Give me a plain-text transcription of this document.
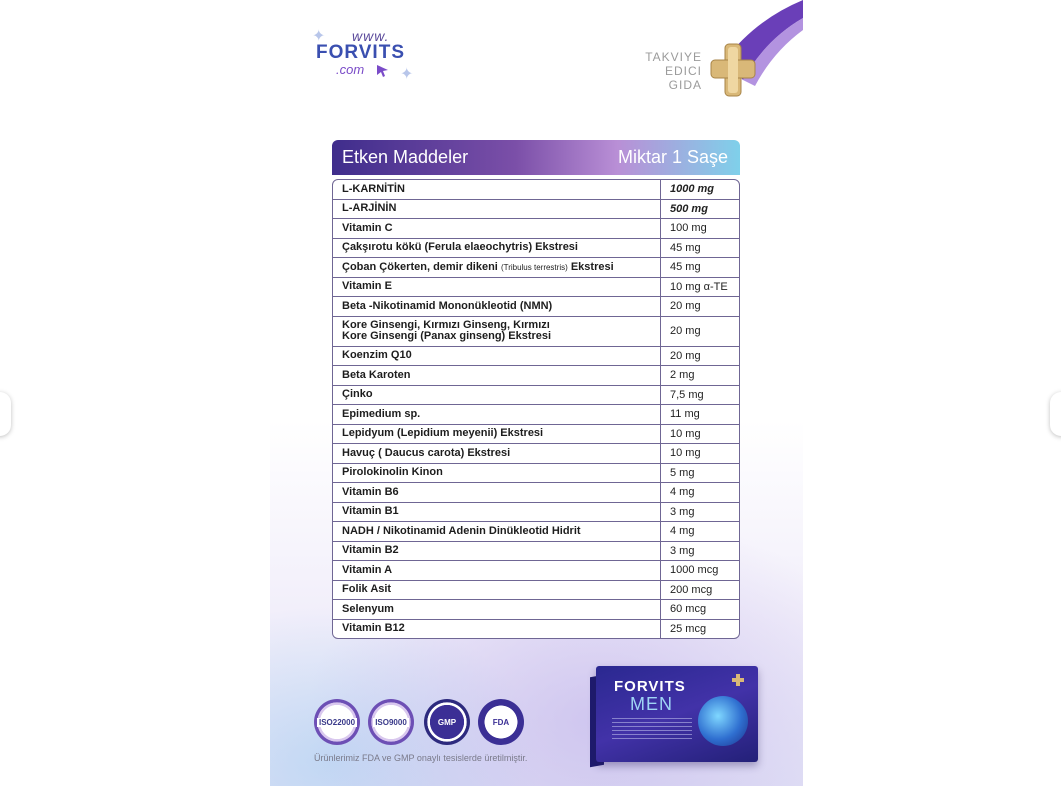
✦ www.
FORVITS
.com ✦
TAKVIYE
EDICI
GIDA
Etken Maddeler	Miktar 1 Saşe
L-KARNİTİN	1000 mg
L-ARJİNİN	500 mg
Vitamin C	100 mg
Çakşırotu kökü (Ferula elaeochytris) Ekstresi	45 mg
Çoban Çökerten, demir dikeni
(Tribulus terrestris)
Ekstresi	45 mg
Vitamin E	10 mg α-TE
Beta -Nikotinamid Mononükleotid (NMN)	20 mg
Kore Ginsengi, Kırmızı Ginseng, Kırmızı
Kore Ginsengi (Panax ginseng) Ekstresi	20 mg
Koenzim Q10	20 mg
Beta Karoten	2 mg
Çinko	7,5 mg
Epimedium sp.	11 mg
Lepidyum (Lepidium meyenii) Ekstresi	10 mg
Havuç ( Daucus carota) Ekstresi	10 mg
Pirolokinolin Kinon	5 mg
Vitamin B6	4 mg
Vitamin B1	3 mg
NADH / Nikotinamid Adenin Dinükleotid Hidrit	4 mg
Vitamin B2	3 mg
Vitamin A	1000 mcg
Folik Asit	200 mcg
Selenyum	60 mcg
Vitamin B12	25 mcg
ISO22000	ISO9000	GMP	FDA
Ürünlerimiz FDA ve GMP onaylı tesislerde üretilmiştir.
FORVITS
MEN
